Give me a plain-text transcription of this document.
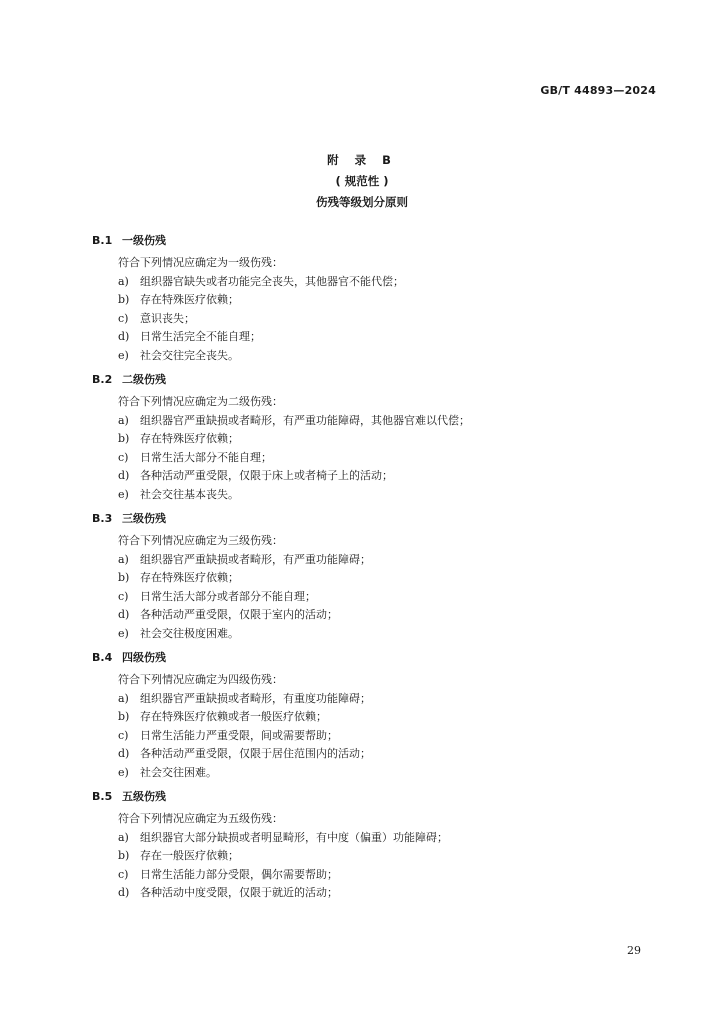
GB/T 44893—2024
附 录 B
( 规范性 )
伤残等级划分原则
B.1 一级伤残
符合下列情况应确定为一级伤残：
a) 组织器官缺失或者功能完全丧失，其他器官不能代偿；
b) 存在特殊医疗依赖；
c) 意识丧失；
d) 日常生活完全不能自理；
e) 社会交往完全丧失。
B.2 二级伤残
符合下列情况应确定为二级伤残：
a) 组织器官严重缺损或者畸形，有严重功能障碍，其他器官难以代偿；
b) 存在特殊医疗依赖；
c) 日常生活大部分不能自理；
d) 各种活动严重受限，仅限于床上或者椅子上的活动；
e) 社会交往基本丧失。
B.3 三级伤残
符合下列情况应确定为三级伤残：
a) 组织器官严重缺损或者畸形，有严重功能障碍；
b) 存在特殊医疗依赖；
c) 日常生活大部分或者部分不能自理；
d) 各种活动严重受限，仅限于室内的活动；
e) 社会交往极度困难。
B.4 四级伤残
符合下列情况应确定为四级伤残：
a) 组织器官严重缺损或者畸形，有重度功能障碍；
b) 存在特殊医疗依赖或者一般医疗依赖；
c) 日常生活能力严重受限，间或需要帮助；
d) 各种活动严重受限，仅限于居住范围内的活动；
e) 社会交往困难。
B.5 五级伤残
符合下列情况应确定为五级伤残：
a) 组织器官大部分缺损或者明显畸形，有中度（偏重）功能障碍；
b) 存在一般医疗依赖；
c) 日常生活能力部分受限，偶尔需要帮助；
d) 各种活动中度受限，仅限于就近的活动；
29
